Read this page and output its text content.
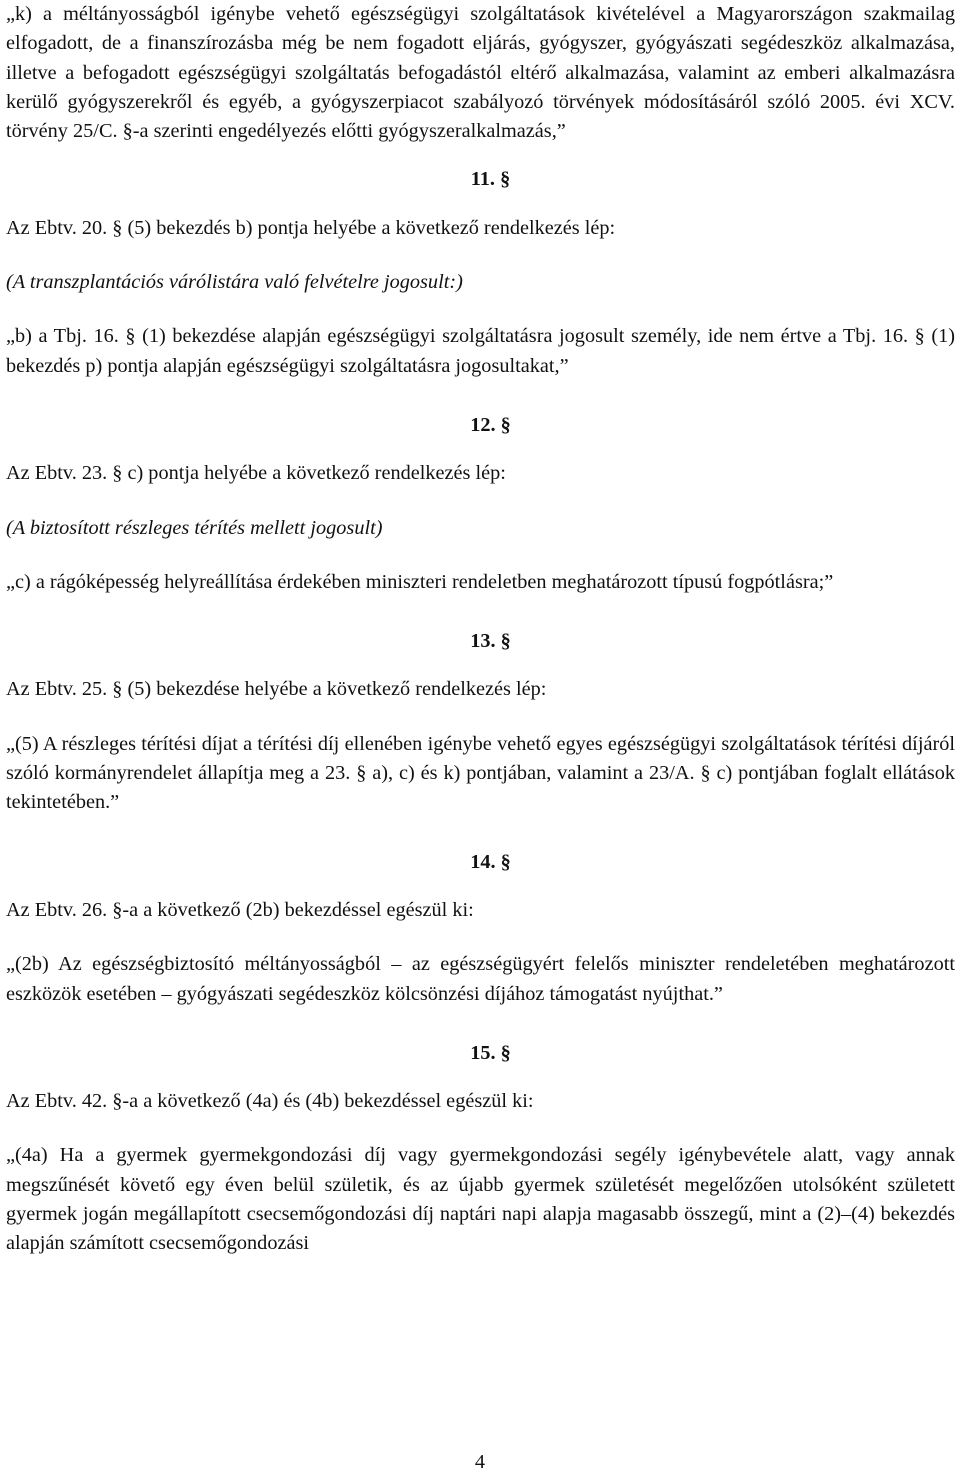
„k) a méltányosságból igénybe vehető egészségügyi szolgáltatások kivételével a Magyarországon szakmailag elfogadott, de a finanszírozásba még be nem fogadott eljárás, gyógyszer, gyógyászati segédeszköz alkalmazása, illetve a befogadott egészségügyi szolgáltatás befogadástól eltérő alkalmazása, valamint az emberi alkalmazásra kerülő gyógyszerekről és egyéb, a gyógyszerpiacot szabályozó törvények módosításáról szóló 2005. évi XCV. törvény 25/C. §-a szerinti engedélyezés előtti gyógyszeralkalmazás,”

11. §

Az Ebtv. 20. § (5) bekezdés b) pontja helyébe a következő rendelkezés lép:

(A transzplantációs várólistára való felvételre jogosult:)

„b) a Tbj. 16. § (1) bekezdése alapján egészségügyi szolgáltatásra jogosult személy, ide nem értve a Tbj. 16. § (1) bekezdés p) pontja alapján egészségügyi szolgáltatásra jogosultakat,”

12. §

Az Ebtv. 23. § c) pontja helyébe a következő rendelkezés lép:

(A biztosított részleges térítés mellett jogosult)

„c) a rágóképesség helyreállítása érdekében miniszteri rendeletben meghatározott típusú fogpótlásra;”

13. §

Az Ebtv. 25. § (5) bekezdése helyébe a következő rendelkezés lép:

„(5) A részleges térítési díjat a térítési díj ellenében igénybe vehető egyes egészségügyi szolgáltatások térítési díjáról szóló kormányrendelet állapítja meg a 23. § a), c) és k) pontjában, valamint a 23/A. § c) pontjában foglalt ellátások tekintetében.”

14. §

Az Ebtv. 26. §-a a következő (2b) bekezdéssel egészül ki:

„(2b) Az egészségbiztosító méltányosságból – az egészségügyért felelős miniszter rendeletében meghatározott eszközök esetében – gyógyászati segédeszköz kölcsönzési díjához támogatást nyújthat.”

15. §

Az Ebtv. 42. §-a a következő (4a) és (4b) bekezdéssel egészül ki:

„(4a) Ha a gyermek gyermekgondozási díj vagy gyermekgondozási segély igénybevétele alatt, vagy annak megszűnését követő egy éven belül születik, és az újabb gyermek születését megelőzően utolsóként született gyermek jogán megállapított csecsemőgondozási díj naptári napi alapja magasabb összegű, mint a (2)–(4) bekezdés alapján számított csecsemőgondozási

4
